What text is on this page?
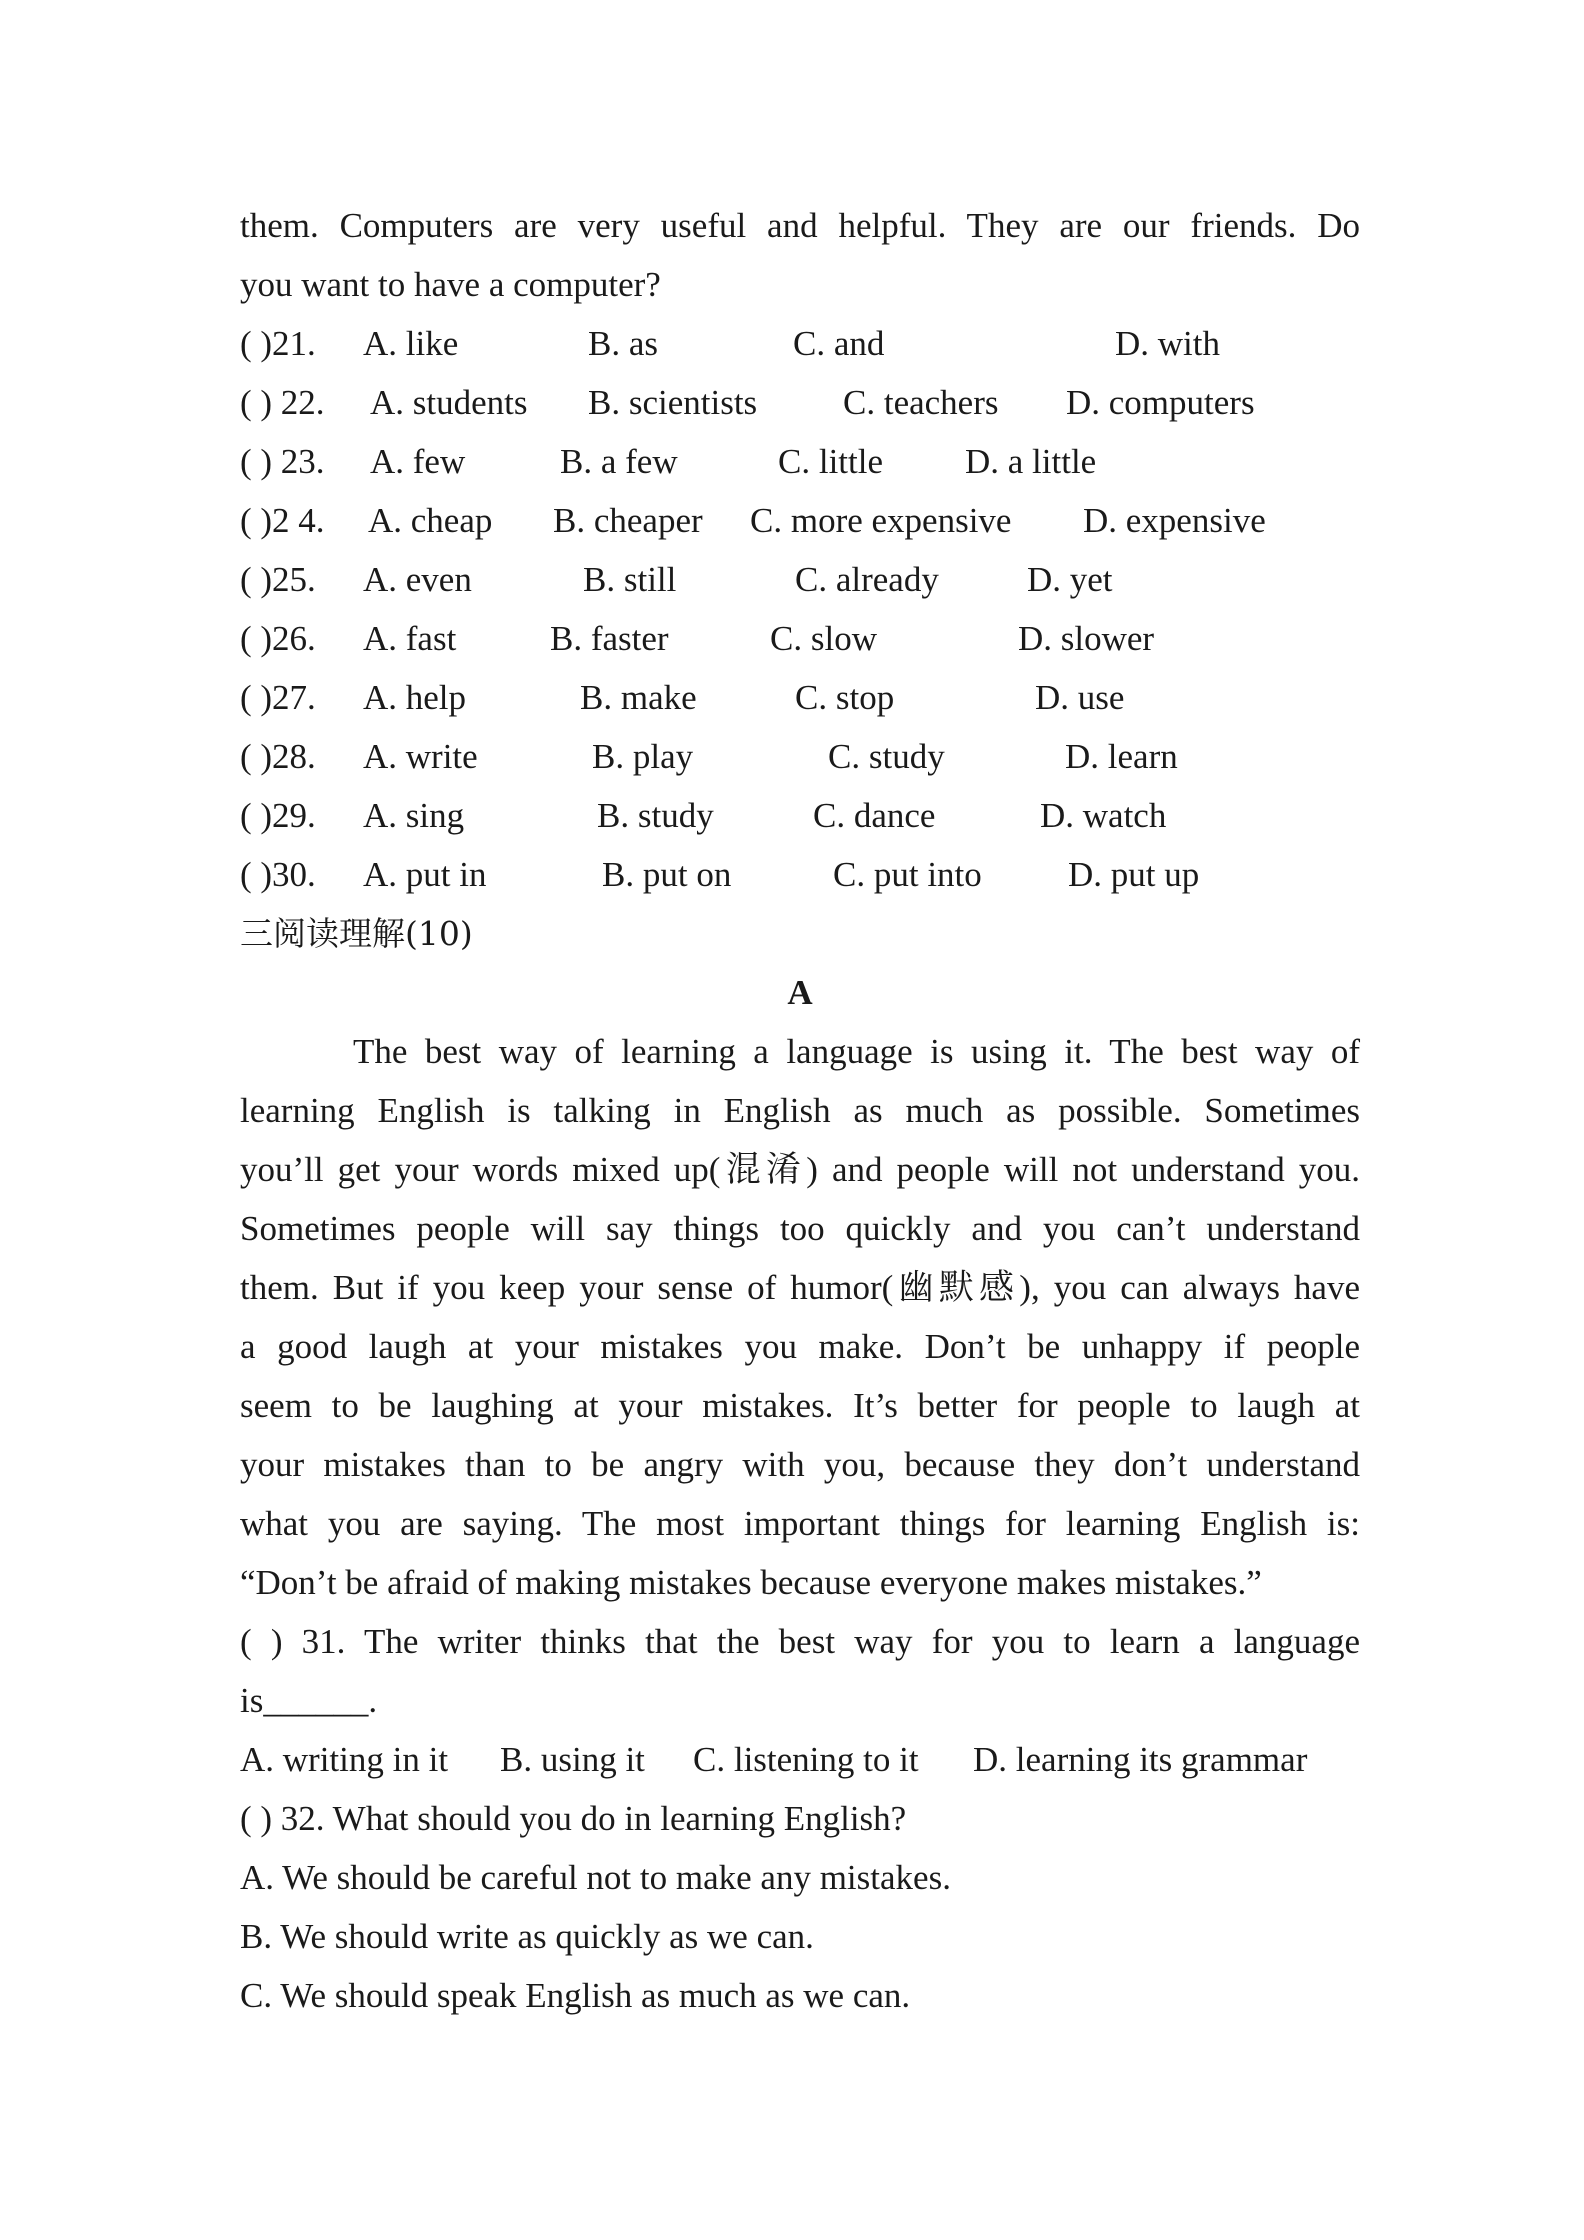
them. Computers are very useful and helpful. They are our friends. Do
you want to have a computer?
( )21. A. like	B. as	C. and	D. with
( ) 22. A. students B. scientists C. teachers D. computers
( ) 23. A. few	B. a few	C. little D. a little
( )2 4. A. cheap B. cheaper C. more expensive D. expensive
( )25. A. even	B. still	C. already	D. yet
( )26. A. fast	B. faster	C. slow	D. slower
( )27. A. help	B. make	C. stop	D. use
( )28. A. write	B. play	C. study	D. learn
( )29. A. sing	B. study	C. dance	D. watch
( )30. A. put in	B. put on	C. put into D. put up
三阅读理解(10)
A
The best way of learning a language is using it. The best way of
learning English is talking in English as much as possible. Sometimes
you’ll get your words mixed up(混淆) and people will not understand you.
Sometimes people will say things too quickly and you can’t understand
them. But if you keep your sense of humor(幽默感), you can always have
a good laugh at your mistakes you make. Don’t be unhappy if people
seem to be laughing at your mistakes. It’s better for people to laugh at
your mistakes than to be angry with you, because they don’t understand
what you are saying. The most important things for learning English is:
“Don’t be afraid of making mistakes because everyone makes mistakes.”
( ) 31. The writer thinks that the best way for you to learn a language
is______.
A. writing in it B. using it C. listening to it D. learning its grammar
( ) 32. What should you do in learning English?
A. We should be careful not to make any mistakes.
B. We should write as quickly as we can.
C. We should speak English as much as we can.
